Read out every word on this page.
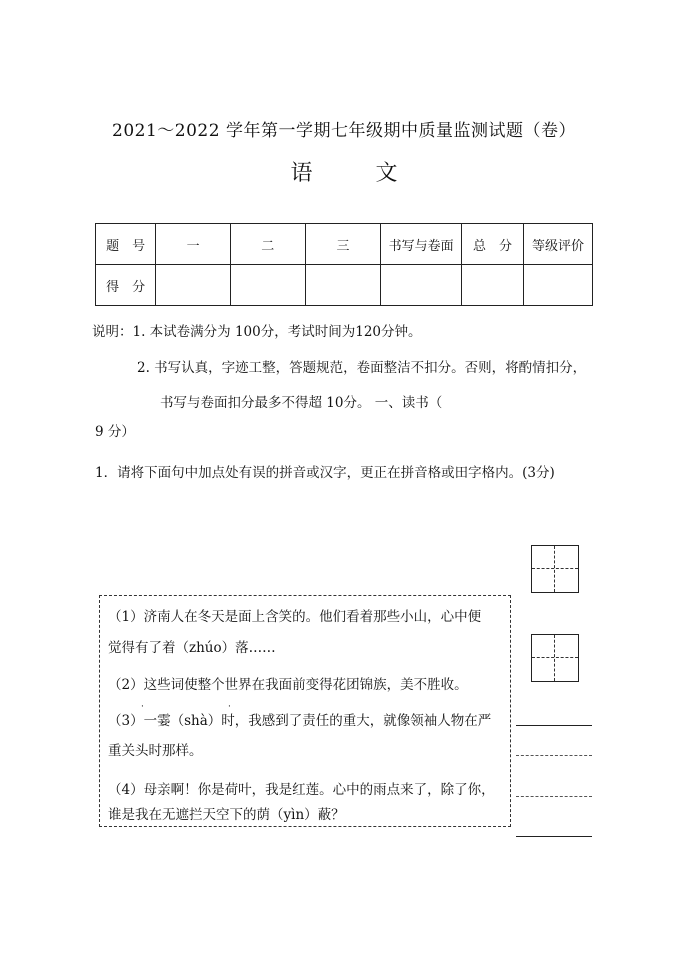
2021～2022 学年第一学期七年级期中质量监测试题（卷）
语	文
题　号	一	二	三	书写与卷面	总　分	等级评价
得　分						
说明：1. 本试卷满分为 100分，考试时间为120分钟。
2. 书写认真，字迹工整，答题规范，卷面整洁不扣分。否则，将酌情扣分，
书写与卷面扣分最多不得超 10分。 一、读书（
9 分）
1．请将下面句中加点处有误的拼音或汉字，更正在拼音格或田字格内。(3分)
（1）济南人在冬天是面上含笑的。他们看着那些小山，心中便
觉得有了着（zhúo）落……
（2）这些词使整个世界在我面前变得花团锦族，美不胜收。
·	·
（3）一霎（shà）时，我感到了责任的重大，就像领袖人物在严
重关头时那样。
（4）母亲啊！你是荷叶，我是红莲。心中的雨点来了，除了你，
谁是我在无遮拦天空下的荫（yìn）蔽？
